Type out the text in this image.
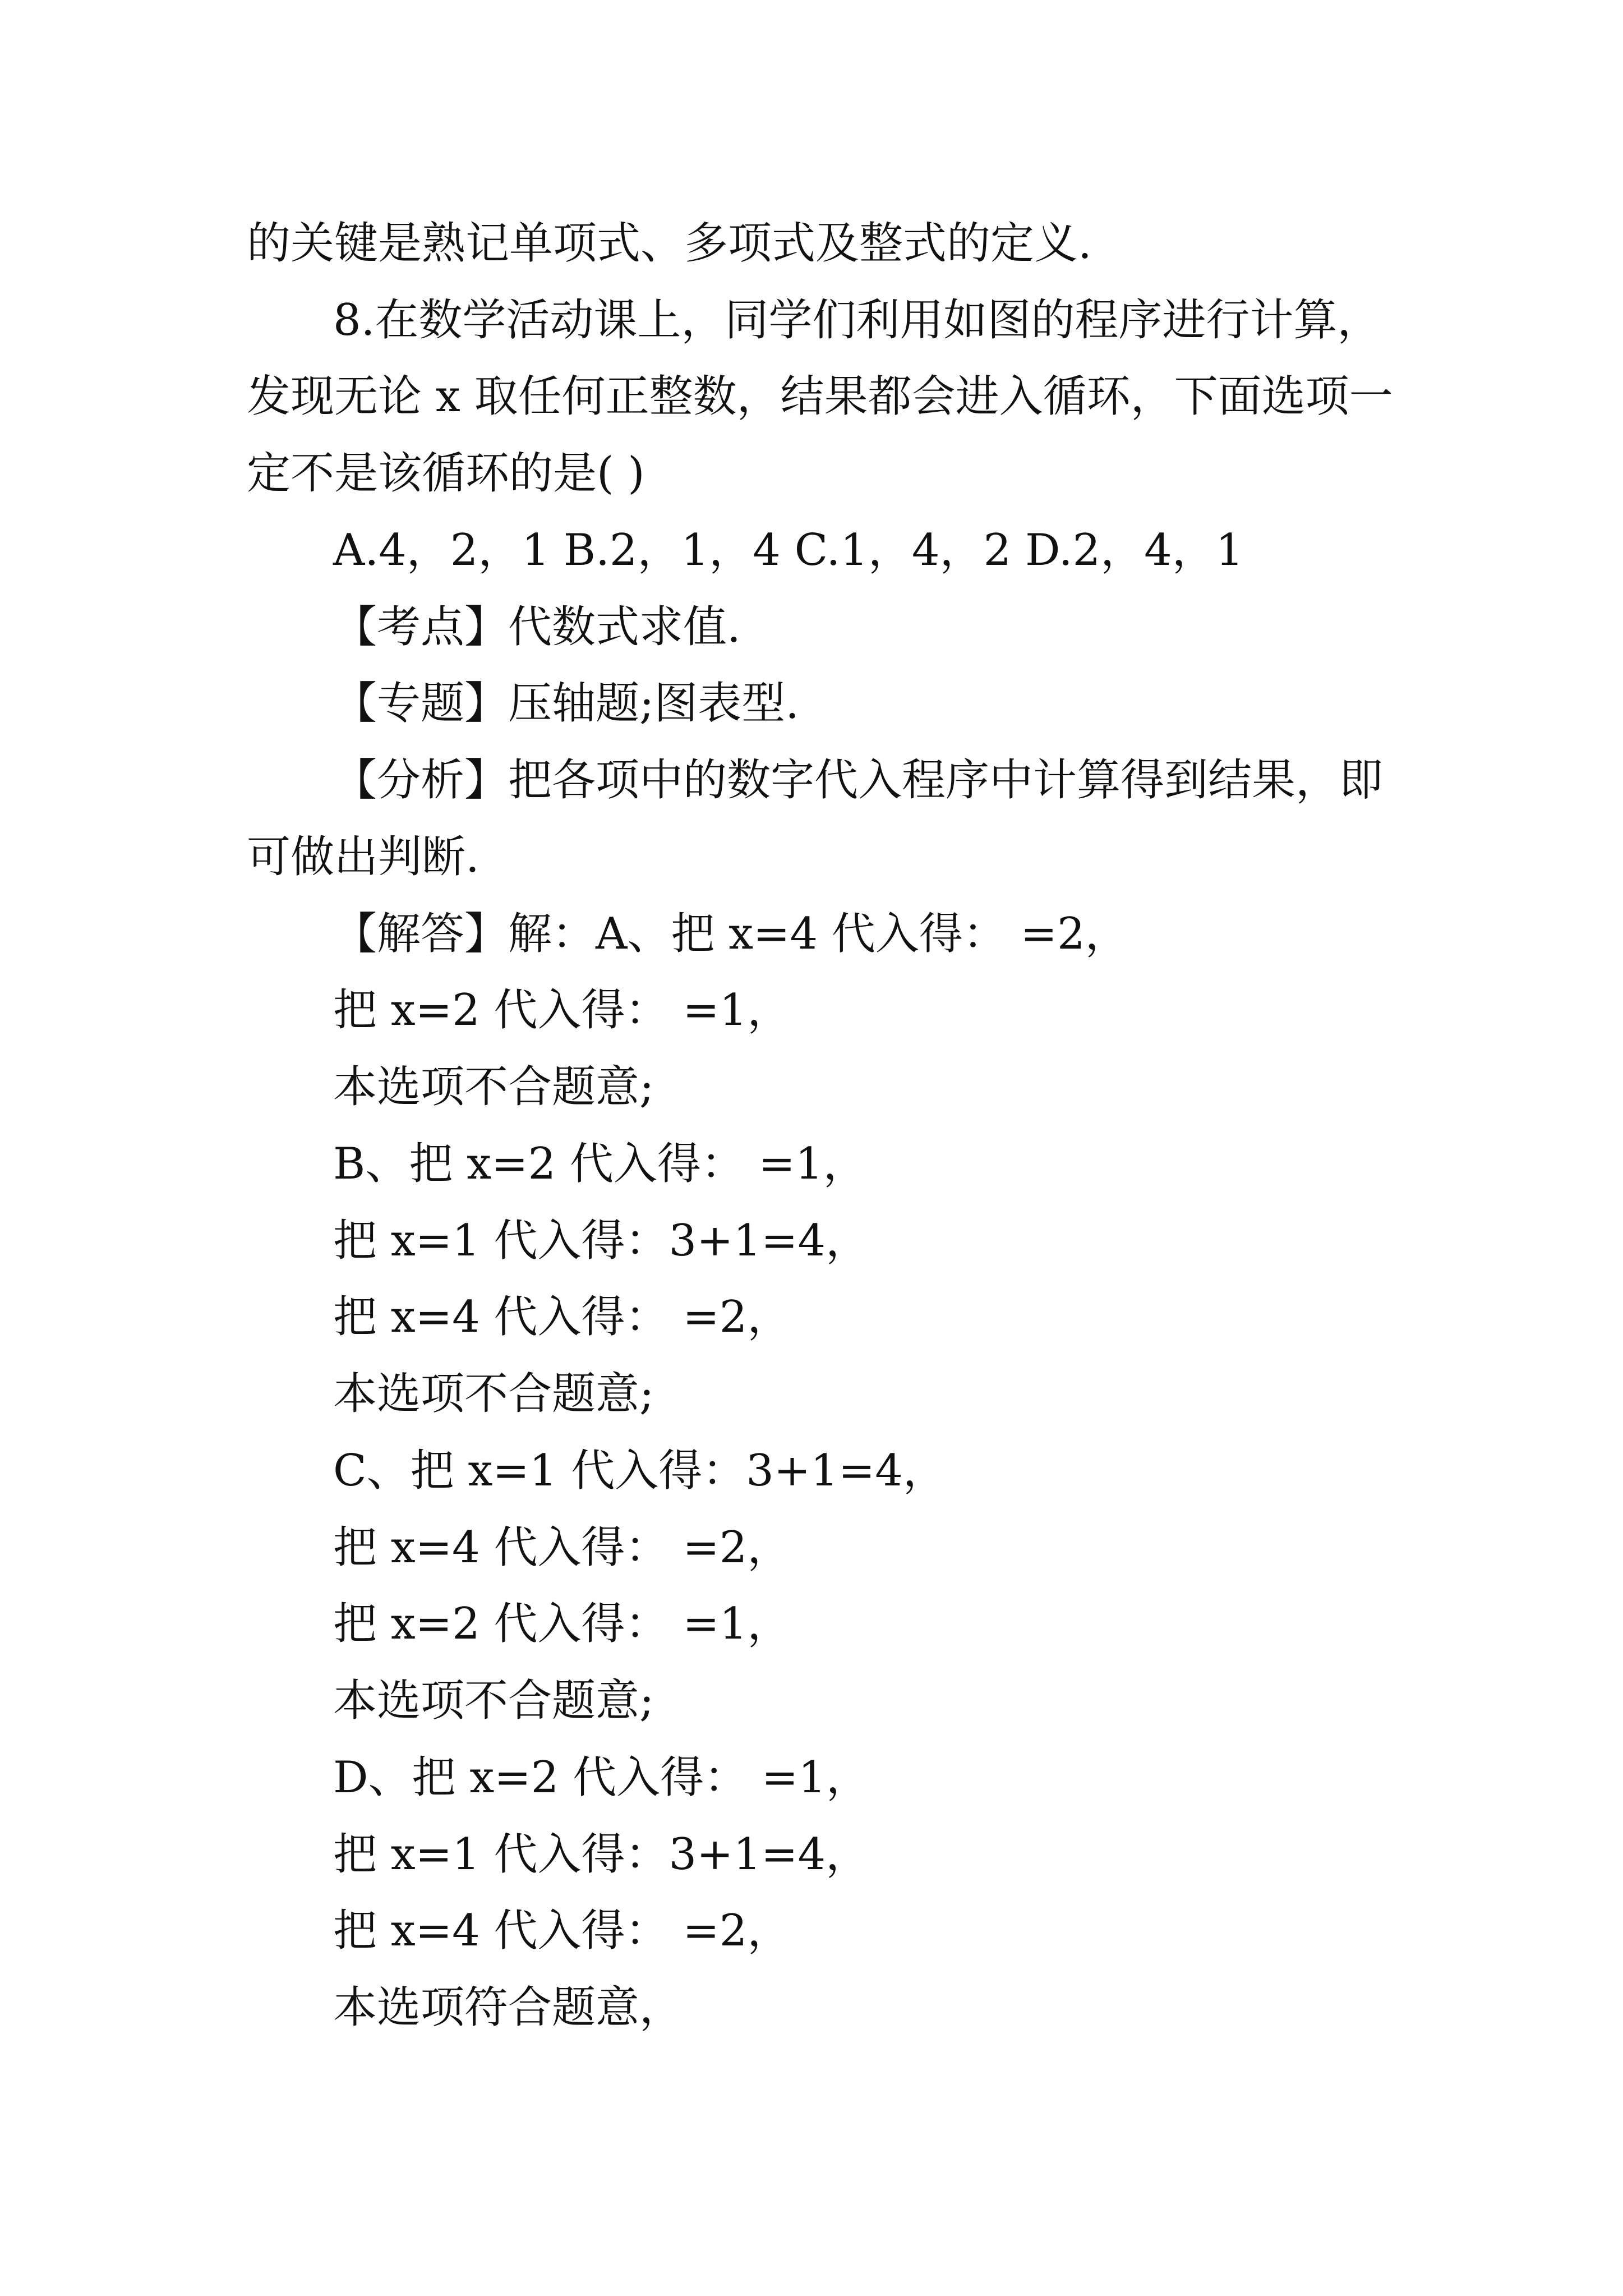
的关键是熟记单项式、多项式及整式的定义.
8.在数学活动课上，同学们利用如图的程序进行计算，
发现无论 x 取任何正整数，结果都会进入循环，下面选项一
定不是该循环的是( )
A.4，2，1 B.2，1，4 C.1，4，2 D.2，4，1
【考点】代数式求值.
【专题】压轴题;图表型.
【分析】把各项中的数字代入程序中计算得到结果，即
可做出判断.
【解答】解：A、把 x=4 代入得： =2，
把 x=2 代入得： =1，
本选项不合题意;
B、把 x=2 代入得： =1，
把 x=1 代入得：3+1=4，
把 x=4 代入得： =2，
本选项不合题意;
C、把 x=1 代入得：3+1=4，
把 x=4 代入得： =2，
把 x=2 代入得： =1，
本选项不合题意;
D、把 x=2 代入得： =1，
把 x=1 代入得：3+1=4，
把 x=4 代入得： =2，
本选项符合题意，
